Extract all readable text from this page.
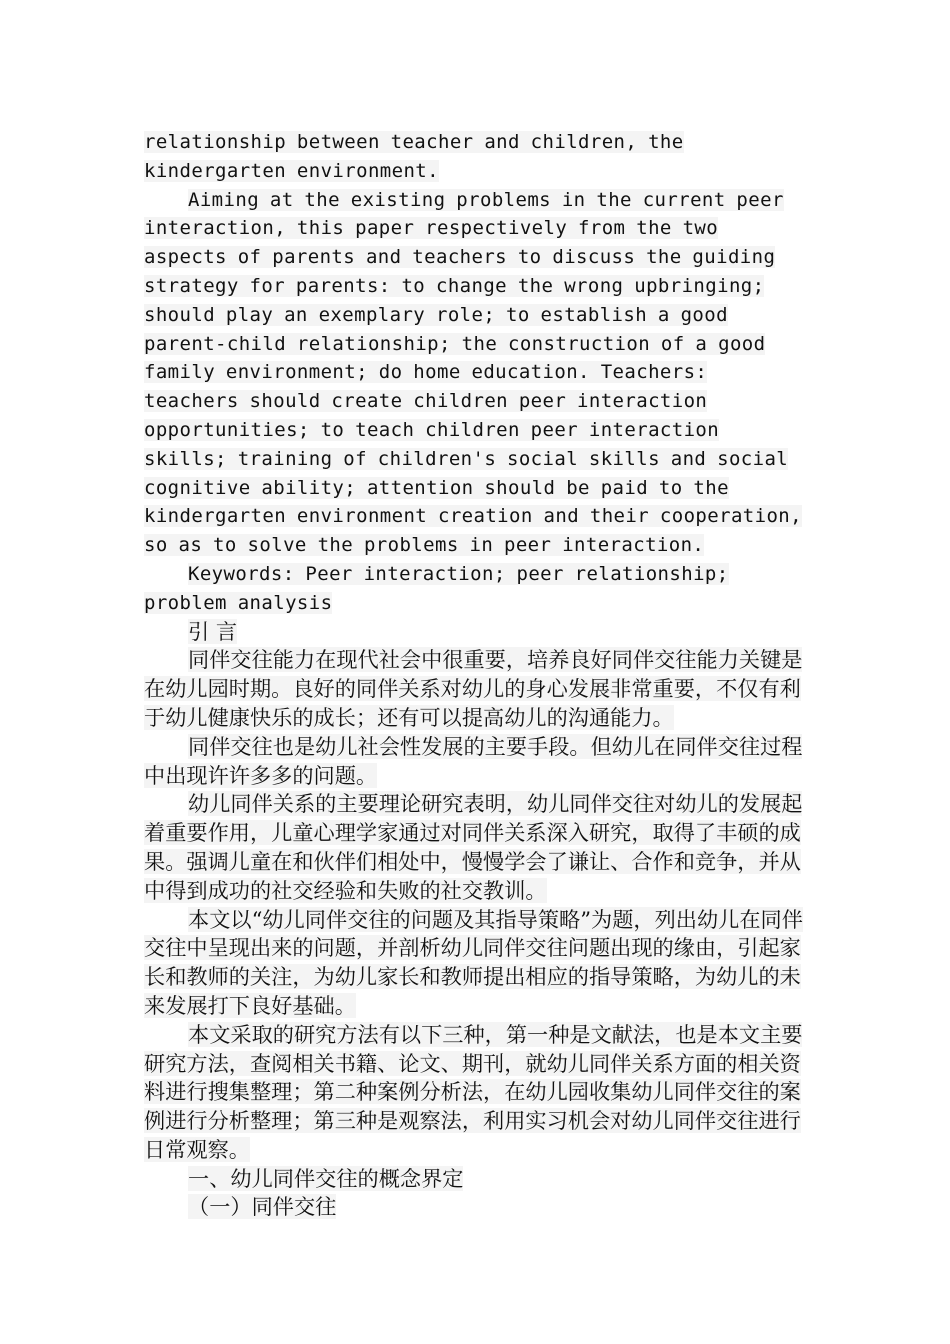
relationship between teacher and children, the kindergarten environment.

Aiming at the existing problems in the current peer interaction, this paper respectively from the two aspects of parents and teachers to discuss the guiding strategy for parents: to change the wrong upbringing; should play an exemplary role; to establish a good parent-child relationship; the construction of a good family environment; do home education. Teachers: teachers should create children peer interaction opportunities; to teach children peer interaction skills; training of children's social skills and social cognitive ability; attention should be paid to the kindergarten environment creation and their cooperation, so as to solve the problems in peer interaction.

Keywords: Peer interaction; peer relationship; problem analysis

引 言

同伴交往能力在现代社会中很重要，培养良好同伴交往能力关键是在幼儿园时期。良好的同伴关系对幼儿的身心发展非常重要，不仅有利于幼儿健康快乐的成长；还有可以提高幼儿的沟通能力。

同伴交往也是幼儿社会性发展的主要手段。但幼儿在同伴交往过程中出现许许多多的问题。

幼儿同伴关系的主要理论研究表明，幼儿同伴交往对幼儿的发展起着重要作用，儿童心理学家通过对同伴关系深入研究，取得了丰硕的成果。强调儿童在和伙伴们相处中，慢慢学会了谦让、合作和竞争，并从中得到成功的社交经验和失败的社交教训。

本文以“幼儿同伴交往的问题及其指导策略”为题，列出幼儿在同伴交往中呈现出来的问题，并剖析幼儿同伴交往问题出现的缘由，引起家长和教师的关注，为幼儿家长和教师提出相应的指导策略，为幼儿的未来发展打下良好基础。

本文采取的研究方法有以下三种，第一种是文献法，也是本文主要研究方法，查阅相关书籍、论文、期刊，就幼儿同伴关系方面的相关资料进行搜集整理；第二种案例分析法，在幼儿园收集幼儿同伴交往的案例进行分析整理；第三种是观察法，利用实习机会对幼儿同伴交往进行日常观察。

一、幼儿同伴交往的概念界定

（一）同伴交往
